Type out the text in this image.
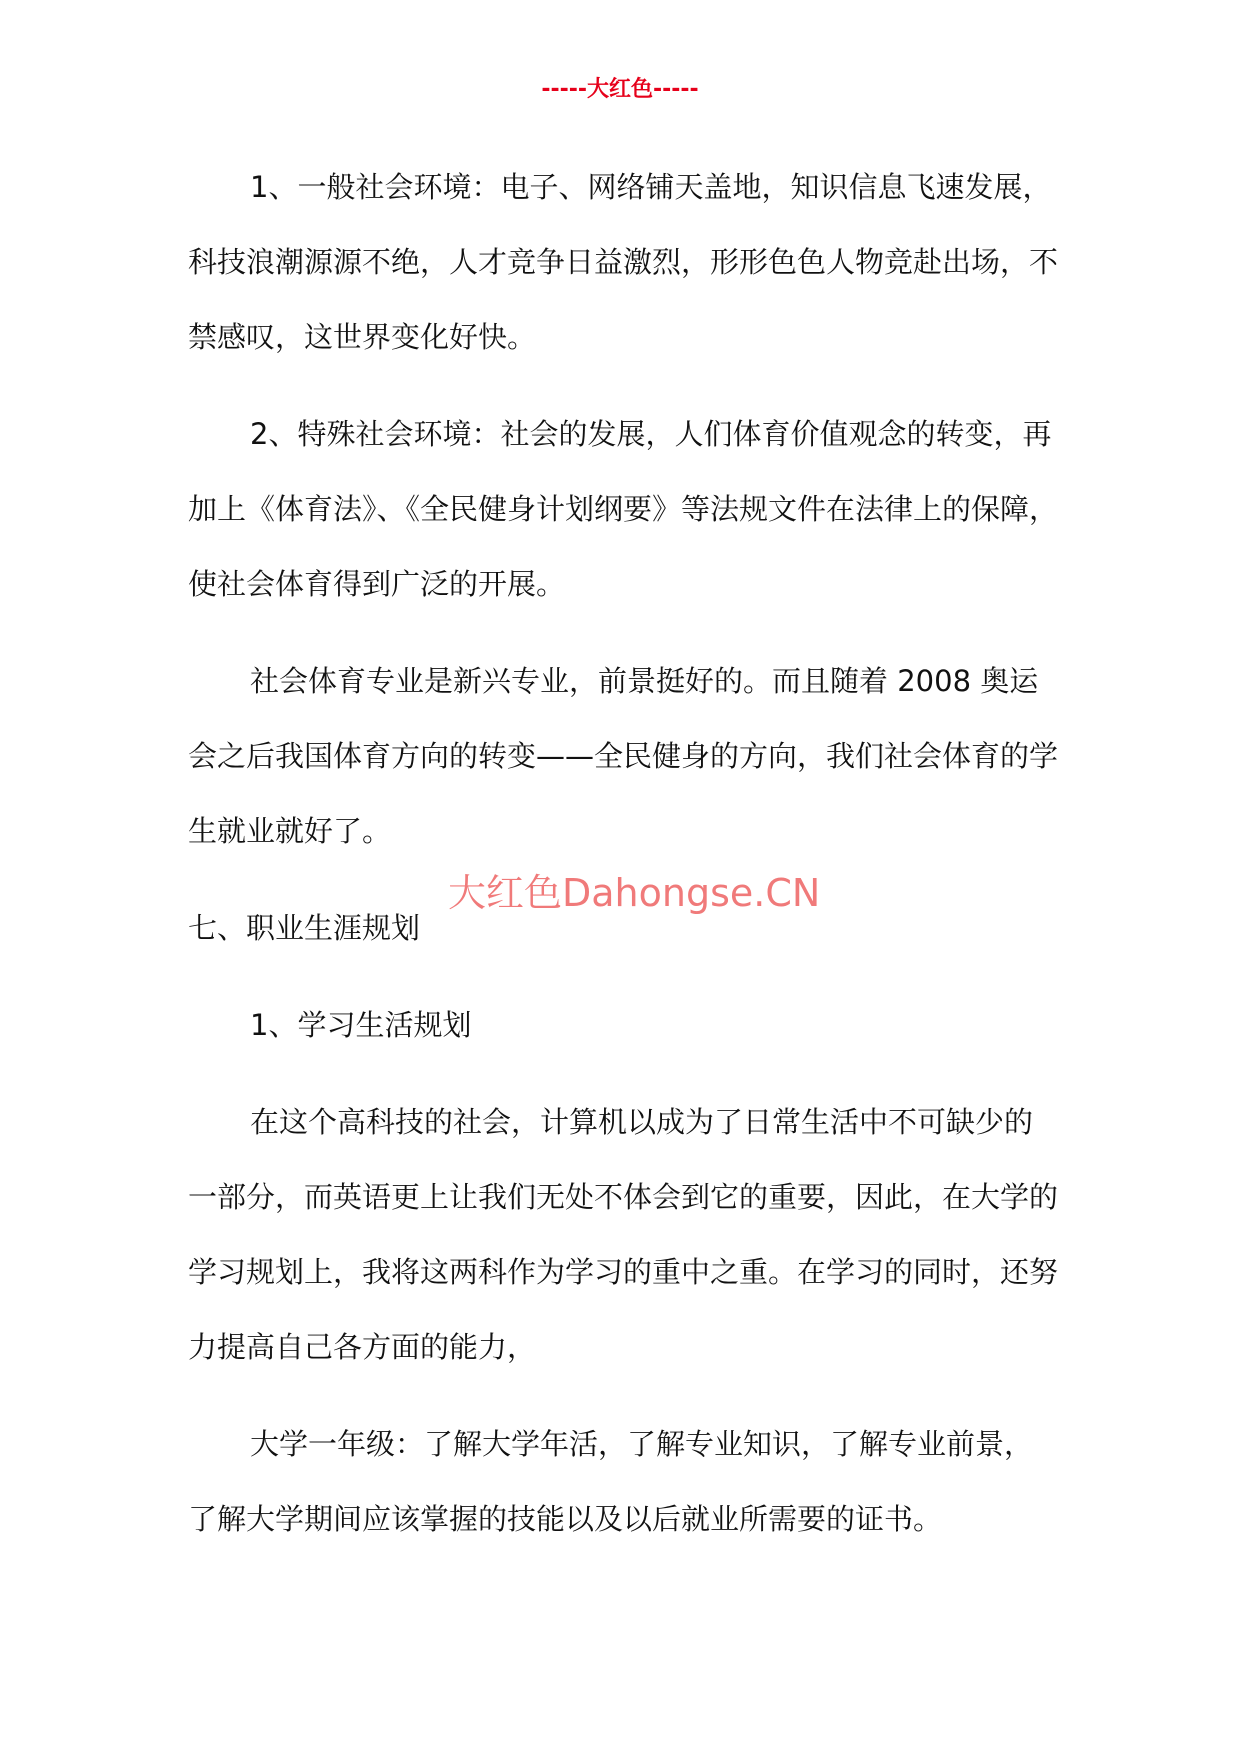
-----大红色-----

1、一般社会环境：电子、网络铺天盖地，知识信息飞速发展，科技浪潮源源不绝，人才竞争日益激烈，形形色色人物竞赴出场，不禁感叹，这世界变化好快。

2、特殊社会环境：社会的发展，人们体育价值观念的转变，再加上《体育法》、《全民健身计划纲要》等法规文件在法律上的保障，使社会体育得到广泛的开展。

社会体育专业是新兴专业，前景挺好的。而且随着 2008 奥运会之后我国体育方向的转变——全民健身的方向，我们社会体育的学生就业就好了。

七、职业生涯规划

1、学习生活规划

在这个高科技的社会，计算机以成为了日常生活中不可缺少的一部分，而英语更上让我们无处不体会到它的重要，因此，在大学的学习规划上，我将这两科作为学习的重中之重。在学习的同时，还努力提高自己各方面的能力，

大学一年级：了解大学年活，了解专业知识，了解专业前景，了解大学期间应该掌握的技能以及以后就业所需要的证书。

大红色Dahongse.CN
